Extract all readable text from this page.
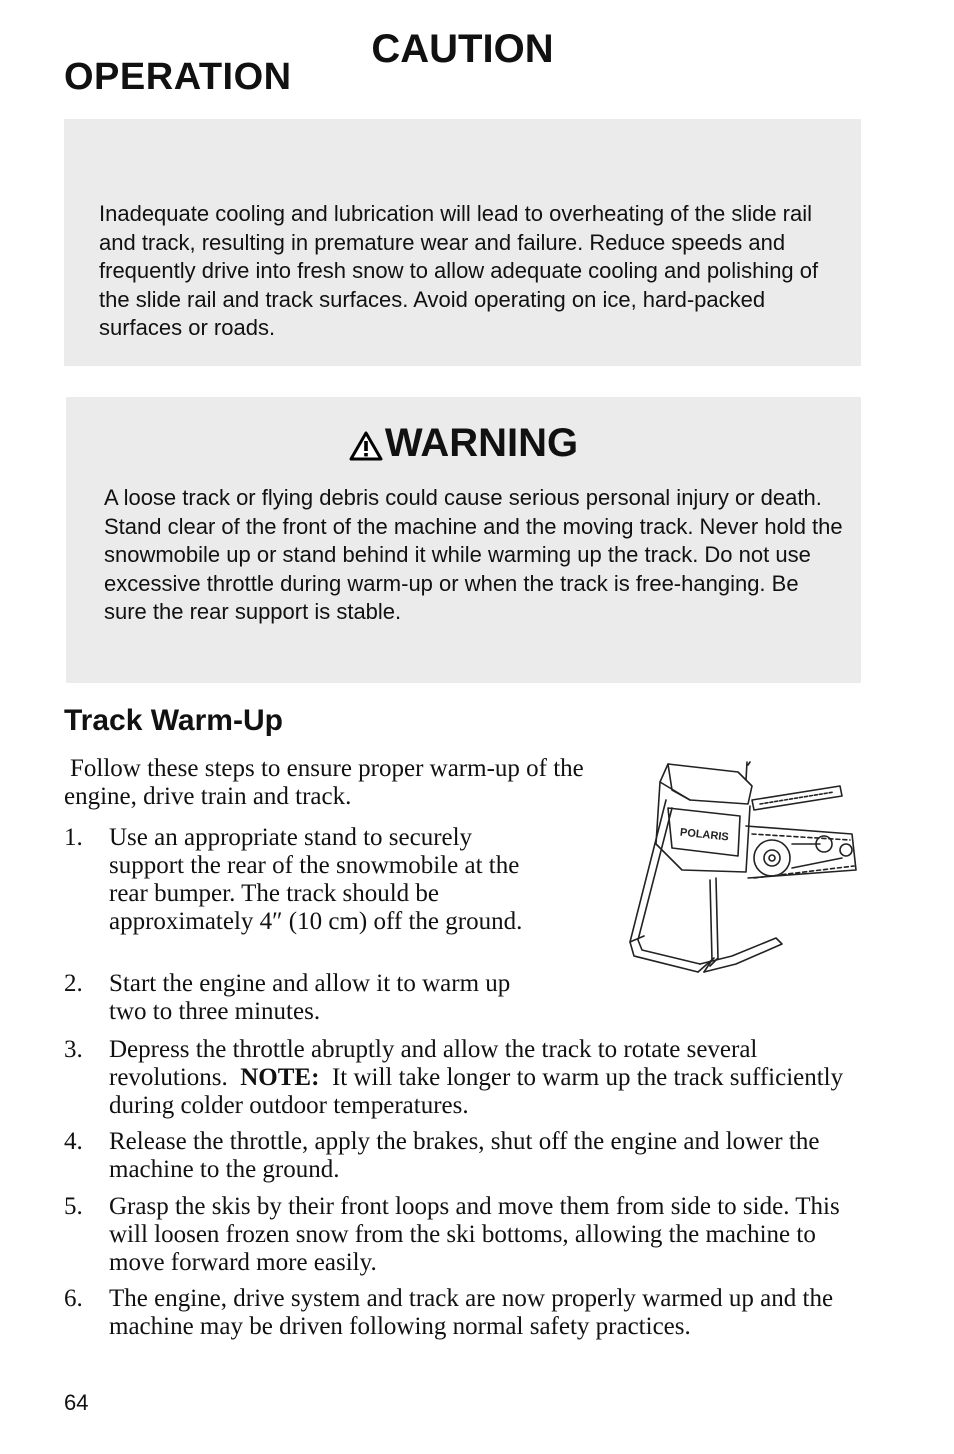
OPERATION
CAUTION

Inadequate cooling and lubrication will lead to overheating of the slide rail and track, resulting in premature wear and failure. Reduce speeds and frequently drive into fresh snow to allow adequate cooling and polishing of the slide rail and track surfaces. Avoid operating on ice, hard-packed surfaces or roads.

WARNING

A loose track or flying debris could cause serious personal injury or death. Stand clear of the front of the machine and the moving track. Never hold the snowmobile up or stand behind it while warming up the track. Do not use excessive throttle during warm-up or when the track is free-hanging. Be sure the rear support is stable.

Track Warm-Up

Follow these steps to ensure proper warm-up of the engine, drive train and track.

POLARIS
1. Use an appropriate stand to securely support the rear of the snowmobile at the rear bumper. The track should be approximately 4″ (10 cm) off the ground.
2. Start the engine and allow it to warm up two to three minutes.
3. Depress the throttle abruptly and allow the track to rotate several revolutions.  NOTE:  It will take longer to warm up the track sufficiently during colder outdoor temperatures.
4. Release the throttle, apply the brakes, shut off the engine and lower the machine to the ground.
5. Grasp the skis by their front loops and move them from side to side. This will loosen frozen snow from the ski bottoms, allowing the machine to move forward more easily.
6. The engine, drive system and track are now properly warmed up and the machine may be driven following normal safety practices.

64
